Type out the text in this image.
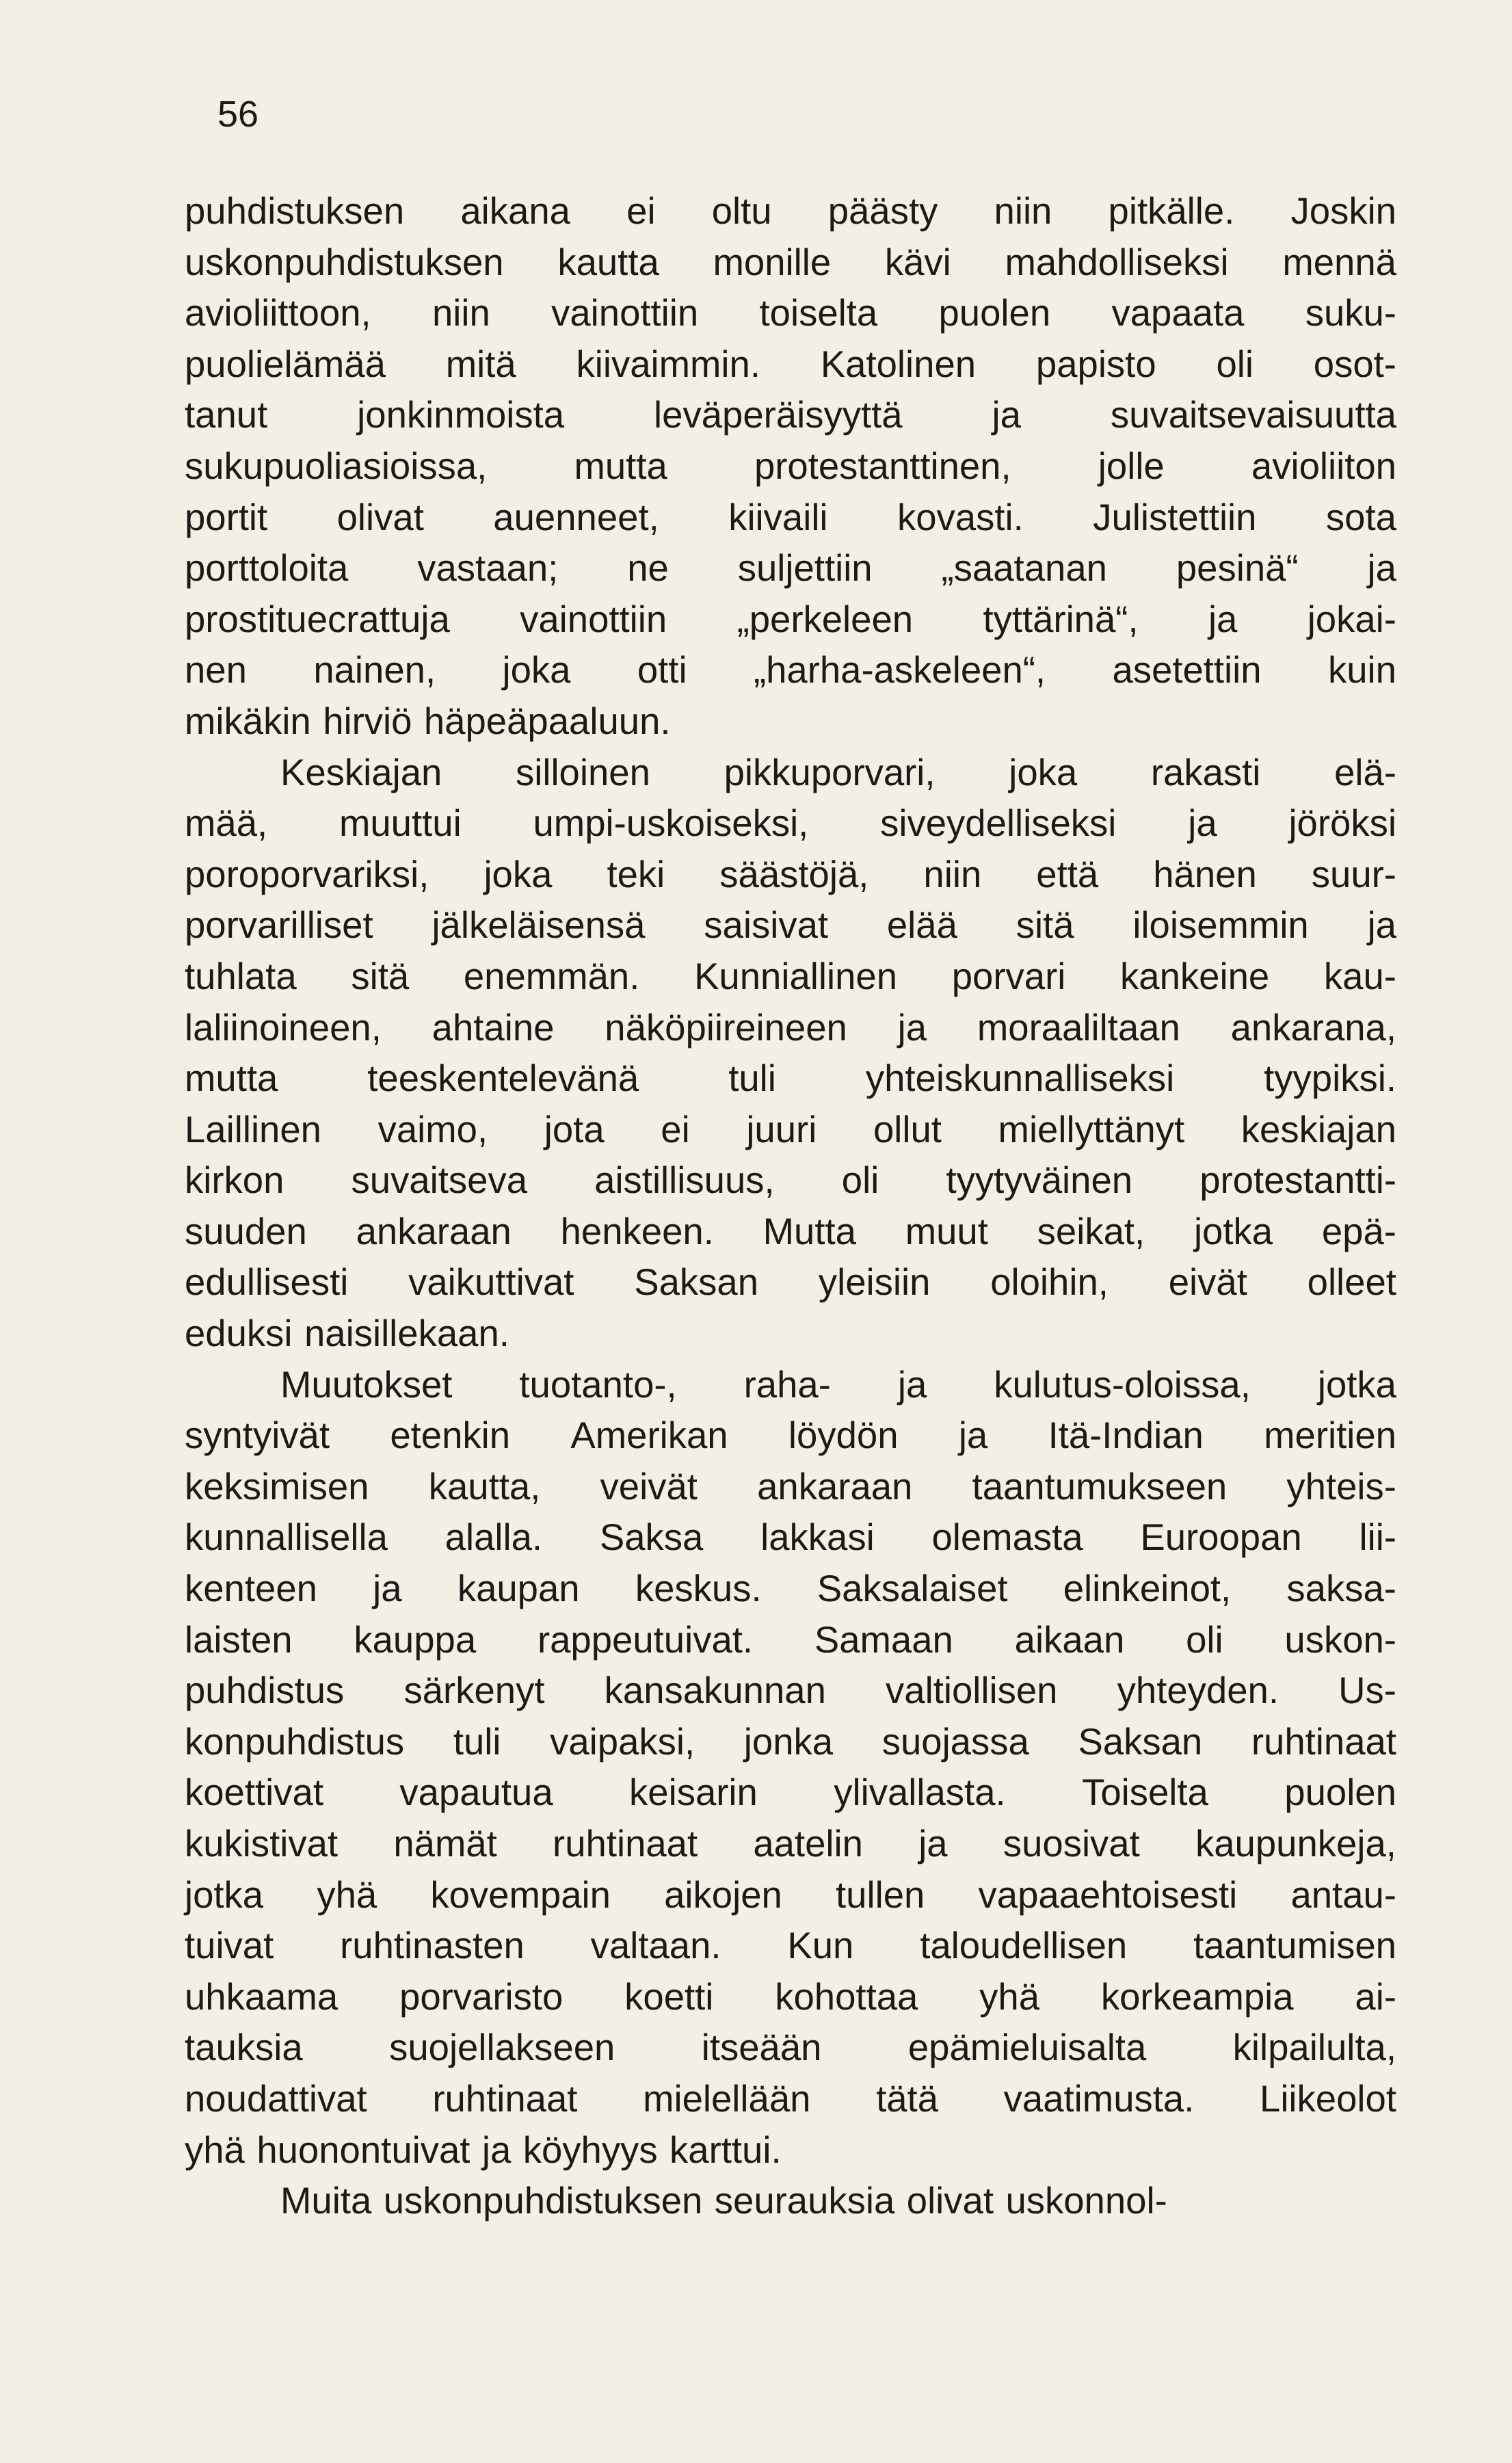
56

puhdistuksen aikana ei oltu päästy niin pitkälle. Joskin
uskonpuhdistuksen kautta monille kävi mahdolliseksi mennä
avioliittoon, niin vainottiin toiselta puolen vapaata suku-
puolielämää mitä kiivaimmin. Katolinen papisto oli osot-
tanut jonkinmoista leväperäisyyttä ja suvaitsevaisuutta
sukupuoliasioissa, mutta protestanttinen, jolle avioliiton
portit olivat auenneet, kiivaili kovasti. Julistettiin sota
porttoloita vastaan; ne suljettiin „saatanan pesinä“ ja
prostituecrattuja vainottiin „perkeleen tyttärinä“, ja jokai-
nen nainen, joka otti „harha-askeleen“, asetettiin kuin
mikäkin hirviö häpeäpaaluun.
Keskiajan silloinen pikkuporvari, joka rakasti elä-
mää, muuttui umpi-uskoiseksi, siveydelliseksi ja jöröksi
poroporvariksi, joka teki säästöjä, niin että hänen suur-
porvarilliset jälkeläisensä saisivat elää sitä iloisemmin ja
tuhlata sitä enemmän. Kunniallinen porvari kankeine kau-
laliinoineen, ahtaine näköpiireineen ja moraaliltaan ankarana,
mutta teeskentelevänä tuli yhteiskunnalliseksi tyypiksi.
Laillinen vaimo, jota ei juuri ollut miellyttänyt keskiajan
kirkon suvaitseva aistillisuus, oli tyytyväinen protestantti-
suuden ankaraan henkeen. Mutta muut seikat, jotka epä-
edullisesti vaikuttivat Saksan yleisiin oloihin, eivät olleet
eduksi naisillekaan.
Muutokset tuotanto-, raha- ja kulutus-oloissa, jotka
syntyivät etenkin Amerikan löydön ja Itä-Indian meritien
keksimisen kautta, veivät ankaraan taantumukseen yhteis-
kunnallisella alalla. Saksa lakkasi olemasta Euroopan lii-
kenteen ja kaupan keskus. Saksalaiset elinkeinot, saksa-
laisten kauppa rappeutuivat. Samaan aikaan oli uskon-
puhdistus särkenyt kansakunnan valtiollisen yhteyden. Us-
konpuhdistus tuli vaipaksi, jonka suojassa Saksan ruhtinaat
koettivat vapautua keisarin ylivallasta. Toiselta puolen
kukistivat nämät ruhtinaat aatelin ja suosivat kaupunkeja,
jotka yhä kovempain aikojen tullen vapaaehtoisesti antau-
tuivat ruhtinasten valtaan. Kun taloudellisen taantumisen
uhkaama porvaristo koetti kohottaa yhä korkeampia ai-
tauksia suojellakseen itseään epämieluisalta kilpailulta,
noudattivat ruhtinaat mielellään tätä vaatimusta. Liikeolot
yhä huonontuivat ja köyhyys karttui.
Muita uskonpuhdistuksen seurauksia olivat uskonnol-
